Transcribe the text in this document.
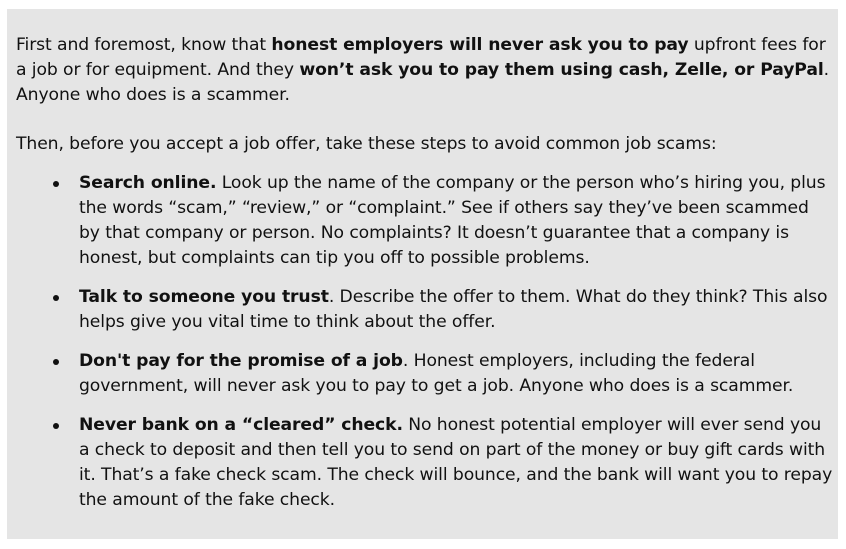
First and foremost, know that honest employers will never ask you to pay upfront fees for a job or for equipment. And they won’t ask you to pay them using cash, Zelle, or PayPal. Anyone who does is a scammer.

Then, before you accept a job offer, take these steps to avoid common job scams:

Search online. Look up the name of the company or the person who’s hiring you, plus the words “scam,” “review,” or “complaint.” See if others say they’ve been scammed by that company or person. No complaints? It doesn’t guarantee that a company is honest, but complaints can tip you off to possible problems.
Talk to someone you trust. Describe the offer to them. What do they think? This also helps give you vital time to think about the offer.
Don't pay for the promise of a job. Honest employers, including the federal government, will never ask you to pay to get a job. Anyone who does is a scammer.
Never bank on a “cleared” check. No honest potential employer will ever send you a check to deposit and then tell you to send on part of the money or buy gift cards with it. That’s a fake check scam. The check will bounce, and the bank will want you to repay the amount of the fake check.
